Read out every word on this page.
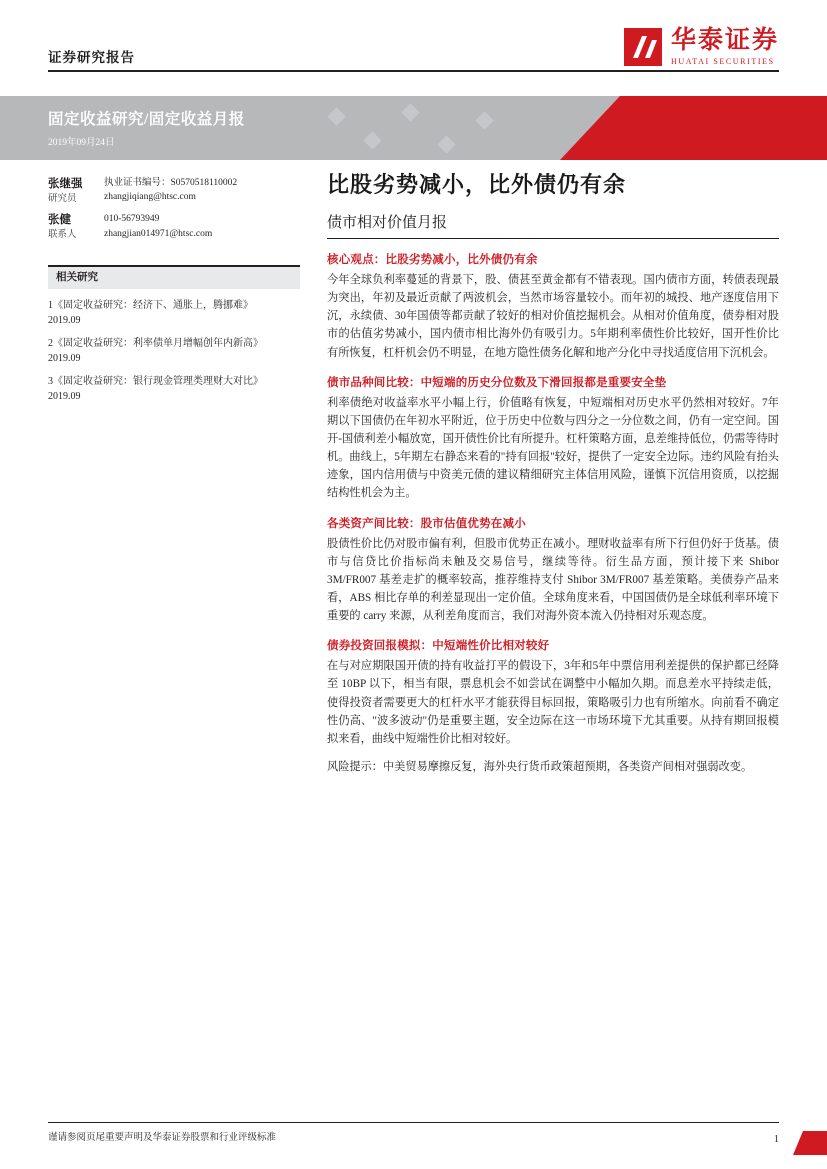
证券研究报告
华泰证券
HUATAI SECURITIES
固定收益研究/固定收益月报
2019年09月24日
张继强
研究员
执业证书编号：S0570518110002
zhangjiqiang@htsc.com
张健
联系人
010-56793949
zhangjian014971@htsc.com
相关研究
1《固定收益研究：经济下、通胀上，腾挪难》
2019.09
2《固定收益研究：利率债单月增幅创年内新高》
2019.09
3《固定收益研究：银行现金管理类理财大对比》
2019.09
比股劣势减小，比外债仍有余
债市相对价值月报
核心观点：比股劣势减小，比外债仍有余

今年全球负利率蔓延的背景下，股、债甚至黄金都有不错表现。国内债市方面，转债表现最为突出，年初及最近贡献了两波机会，当然市场容量较小。而年初的城投、地产逐度信用下沉，永续债、30年国债等都贡献了较好的相对价值挖掘机会。从相对价值角度，债券相对股市的估值劣势减小，国内债市相比海外仍有吸引力。5年期利率债性价比较好，国开性价比有所恢复，杠杆机会仍不明显，在地方隐性债务化解和地产分化中寻找适度信用下沉机会。

债市品种间比较：中短端的历史分位数及下滑回报都是重要安全垫

利率债绝对收益率水平小幅上行，价值略有恢复，中短端相对历史水平仍然相对较好。7年期以下国债仍在年初水平附近，位于历史中位数与四分之一分位数之间，仍有一定空间。国开-国债利差小幅放宽，国开债性价比有所提升。杠杆策略方面，息差维持低位，仍需等待时机。曲线上，5年期左右静态来看的"持有回报"较好，提供了一定安全边际。违约风险有抬头迹象，国内信用债与中资美元债的建议精细研究主体信用风险，谨慎下沉信用资质，以挖掘结构性机会为主。

各类资产间比较：股市估值优势在减小

股债性价比仍对股市偏有利，但股市优势正在减小。理财收益率有所下行但仍好于货基。债市与信贷比价指标尚未触及交易信号，继续等待。衍生品方面，预计接下来 Shibor 3M/FR007 基差走扩的概率较高，推荐维持支付 Shibor 3M/FR007 基差策略。美债券产品来看，ABS 相比存单的利差显现出一定价值。全球角度来看，中国国债仍是全球低利率环境下重要的 carry 来源，从利差角度而言，我们对海外资本流入仍持相对乐观态度。

债券投资回报模拟：中短端性价比相对较好

在与对应期限国开债的持有收益打平的假设下，3年和5年中票信用利差提供的保护都已经降至 10BP 以下，相当有限，票息机会不如尝试在调整中小幅加久期。而息差水平持续走低，使得投资者需要更大的杠杆水平才能获得目标回报，策略吸引力也有所缩水。向前看不确定性仍高、"波多波动"仍是重要主题，安全边际在这一市场环境下尤其重要。从持有期回报模拟来看，曲线中短端性价比相对较好。

风险提示：中美贸易摩擦反复，海外央行货币政策超预期，各类资产间相对强弱改变。

谨请参阅页尾重要声明及华泰证券股票和行业评级标准	1
